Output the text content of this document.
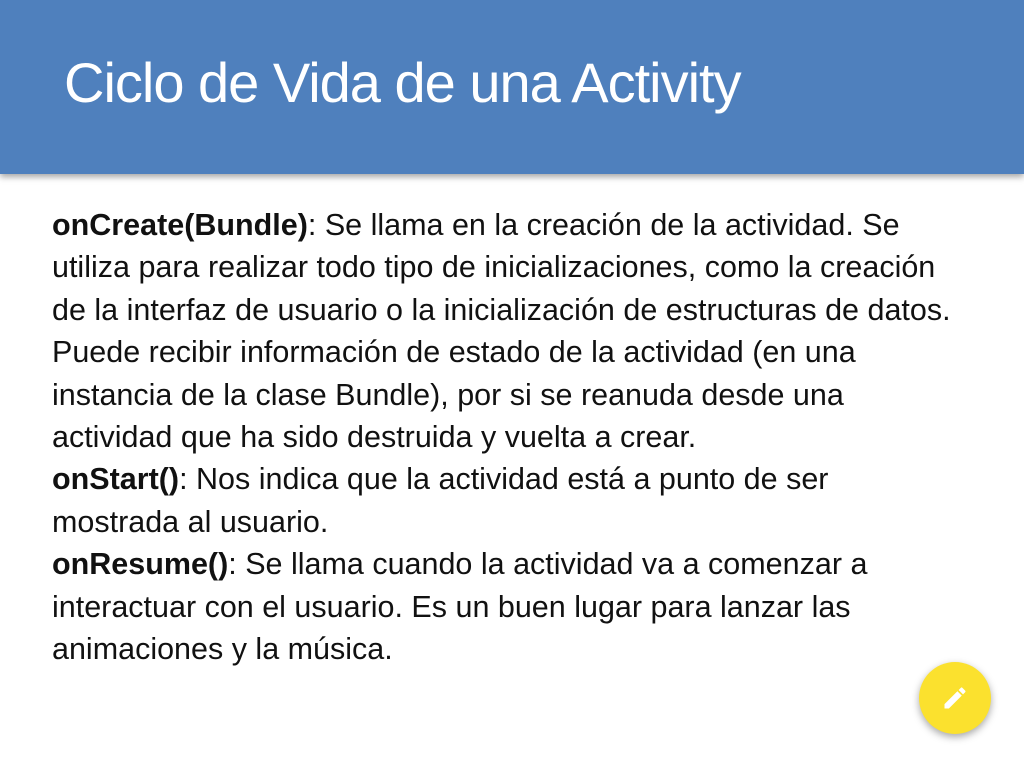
Ciclo de Vida de una Activity

onCreate(Bundle): Se llama en la creación de la actividad. Se utiliza para realizar todo tipo de inicializaciones, como la creación de la interfaz de usuario o la inicialización de estructuras de datos. Puede recibir información de estado de la actividad (en una instancia de la clase Bundle), por si se reanuda desde una actividad que ha sido destruida y vuelta a crear.

onStart(): Nos indica que la actividad está a punto de ser mostrada al usuario.

onResume(): Se llama cuando la actividad va a comenzar a interactuar con el usuario. Es un buen lugar para lanzar las animaciones y la música.
